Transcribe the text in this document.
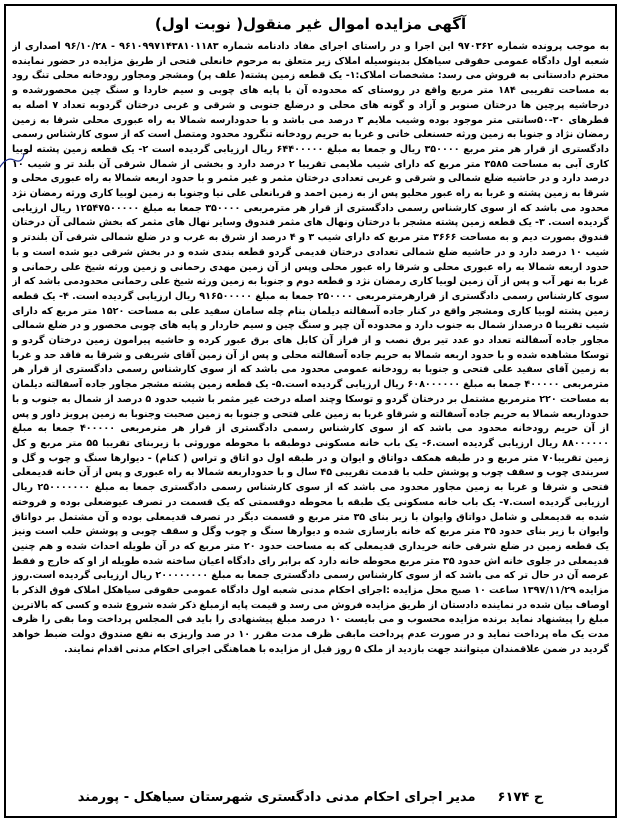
آگهی مزایده اموال غیر منقول( نوبت اول)

به موجب پرونده شماره ۹۷۰۳۶۲ این اجرا و در راستای اجرای مفاد دادنامه شماره ۹۶۱۰۹۹۷۱۴۳۸۱۰۱۱۸۳ - ۹۶/۱۰/۲۸ اصداری از شعبه اول دادگاه عمومی حقوقی سیاهکل بدینوسیله املاک زیر متعلق به مرحوم خانعلی فتحی از طریق مزایده در حضور نماینده محترم دادستانی به فروش می رسد: مشخصات املاک:۱- یک قطعه زمین پشته( علف پر) ومشجر ومجاور رودخانه محلی تنگ رود به مساحت تقریبی ۱۸۴ متر مربع واقع در روستای که محدوده آن با پایه های چوبی و سیم خاردا و سنگ چین محصورشده و درحاشیه پرچین ها درختان صنوبر و آزاد و گونه های محلی و درضلع جنوبی و شرقی و غربی درختان گردوبه تعداد ۷ اصله به قطرهای ۳۰-۵۰سانتی متر موجود بوده وشیب ملایم ۳ درصد می باشد و با حدودارسه شمالا به راه عبوری محلی شرقا به زمین رمضان نژاد و جنوبا به زمین ورثه حسنعلی خانی و غربا به حریم رودخانه تنگرود محدود ومتصل است که از سوی کارشناس رسمی دادگستری از قرار هر متر مربع ۳۵۰۰۰۰ ریال و جمعا به مبلغ ۶۴۴۰۰۰۰۰ ریال ارزیابی گردیده است ۲- یک قطعه زمین پشته لوبیا کاری آبی به مساحت ۳۵۸۵ متر مربع که دارای شیب ملایمی تقریبا ۲ درصد دارد و بخشی از شمال شرقی آن بلند تر و شیب ۱۰ درصد دارد و در حاشیه ضلع شمالی و شرقی و غربی تعدادی درختان مثمر و غیر مثمر و با حدود اربعه شمالا به راه عبوری محلی و شرقا به زمین پشته و غربا به راه عبور محلیو پس از به زمین احمد و قربانعلی علی نیا وجنوبا به زمین لوبیا کاری ورثه رمضان نژد محدود می باشد که از سوی کارشناس رسمی دادگستری از قرار هر مترمربعی ۳۵۰۰۰۰ جمعا به مبلغ ۱۲۵۴۷۵۰۰۰۰۰ ریال ارزیابی گردیده است. ۳- یک قطعه زمین پشته مشجر با درختان ونهال های مثمر فندوق وسایر نهال های مثمر که بخش شمالی آن درختان فندوق بصورت دیم و به مساحت ۳۶۶۶ متر مربع که دارای شیب ۳ و ۴ درصد از شرق به غرب و در ضلع شمالی شرقی آن بلندتر و شیب ۱۰ درصد دارد و در حاشیه ضلع شمالی تعدادی درختان قدیمی گردو قطعه بندی شده و در بخش شرقی دیو شده است و با حدود اربعه شمالا به راه عبوری محلی و شرقا راه عبور محلی وپس از آن زمین مهدی رحمانی و زمین ورثه شیخ علی رحمانی و غربا به نهر آب و پس از آن زمین لوبیا کاری رمضان نژد و قطعه دوم و جنوبا به زمین ورثه شیخ علی رحمانی محدودمی باشد که از سوی کارشناس رسمی دادگستری از قرارهرمترمربعی ۲۵۰۰۰۰ جمعا به مبلغ ۹۱۶۵۰۰۰۰۰ ریال ارزیابی گردیده است. ۴- یک قطعه زمین پشته لوبیا کاری ومشجر واقع در کنار جاده آسفالته دیلمان بنام چله سامان سفید علی به مساحت ۱۵۲۰ متر مربع که دارای شیب تقریبا ۵ درصداز شمال به جنوب دارد و محدوده آن چپر و سنگ چین و سیم خاردار و پایه های چوبی محصور و در ضلع شمالی مجاور جاده آسفالته تعداد دو عدد تیر برق نصب و از فراز آن کابل های برق عبور کرده و حاشیه پیرامون زمین درختان گردو و توسکا مشاهده شده و با حدود اربعه شمالا به حریم جاده آسفالته محلی و پس از آن زمین آقای شریفی و شرقا به فاقد حد و غربا به زمین آقای سفید علی فتحی و جنوبا به رودخانه عمومی محدود می باشد که از سوی کارشناس رسمی دادگستری از قرار هر مترمربعی ۴۰۰۰۰۰ جمعا به مبلغ ۶۰۸۰۰۰۰۰۰ ریال ارزیابی گردیده است.۵- یک قطعه زمین پشته مشجر مجاور جاده آسفالته دیلمان به مساحت ۲۲۰ مترمربع مشتمل بر درختان گردو و توسکا وچند اصله درخت غیر مثمر با شیب حدود ۵ درصد از شمال به جنوب و با حدوداربعه شمالا به حریم جاده آسفالته و شرقاو غربا به زمین علی فتحی و جنوبا به زمین صحبت وجنوبا به زمین پرویز داور و پس از آن حریم رودخانه محدود می باشد که از سوی کارشناس رسمی دادگستری از قرار هر مترمربعی ۴۰۰۰۰۰ جمعا به مبلغ ۸۸۰۰۰۰۰۰ ریال ارزیابی گردیده است.۶- یک باب خانه مسکونی دوطبقه با محوطه موروثی با زیربنای تقریبا ۵۵ متر مربع و کل زمین تقریبا۷۰ متر مربع و در طبقه همکف دواتاق و ایوان و در طبقه اول دو اتاق و تراس ( کنام) - دیوارها سنگ و چوب و گل و سربندی چوب و سقف چوب و پوشش حلب با قدمت تقریبی ۴۵ سال و با حدوداربعه شمالا به راه عبوری و پس از آن خانه قدیمعلی فتحی و شرقا و غربا به زمین مجاور محدود می باشد که از سوی کارشناس رسمی دادگستری جمعا به مبلغ ۲۵۰۰۰۰۰۰۰ ریال ارزیابی گردیده است.۷- یک باب خانه مسکونی یک طبقه با محوطه دوقسمتی که یک قسمت در تصرف عیوضعلی بوده و فروخته شده به قدیمعلی و شامل دواتاق وایوان با زیر بنای ۳۵ متر مربع و قسمت دیگر در تصرف قدیمعلی بوده و آن مشتمل بر دواتاق وایوان با زیر بنای حدود ۳۵ متر مربع که خانه بازسازی شده و دیوارها سنگ و چوب وگل و سقف چوبی و پوشش حلب است ونیز یک قطعه زمین در ضلع شرقی خانه خریداری قدیمعلی که به مساحت حدود ۲۰ متر مربع که در آن طویله احداث شده و هم چنین قدیمعلی در جلوی خانه اش حدود ۳۵ متر مربع محوطه خانه دارد که برابر رای دادگاه اعیان ساخته شده طویله از او که خارج و فقط عرصه آن در حال تر که می باشد که از سوی کارشناس رسمی دادگستری جمعا به مبلغ ۲۰۰۰۰۰۰۰۰ ریال ارزیابی گردیده است.روز مزایده ۱۳۹۷/۱۱/۲۹ ساعت ۱۰ صبح محل مزایده :اجرای احکام مدنی شعبه اول دادگاه عمومی حقوقی سیاهکل املاک فوق الذکر با اوصاف بیان شده در نماینده دادستان از طریق مزایده فروش می رسد و قیمت پایه ازمبلغ ذکر شده شروع شده و کسی که بالاترین مبلغ را پیشنهاد نماید برنده مزایده محسوب و می بایست ۱۰ درصد مبلغ پیشنهادی را باید فی المجلس پرداخت وما بقی را ظرف مدت یک ماه پرداخت نماید و در صورت عدم پرداخت مابقی ظرف مدت مقرر ۱۰ در صد واریزی به نفع صندوق دولت ضبط خواهد گردید در ضمن علاقمندان میتوانند جهت بازدید از ملک ۵ روز قبل از مزایده با هماهنگی اجرای احکام مدنی اقدام نمایند.

ح ۶۱۷۴
مدیر اجرای احکام مدنی دادگستری شهرستان سیاهکل - پورمند
